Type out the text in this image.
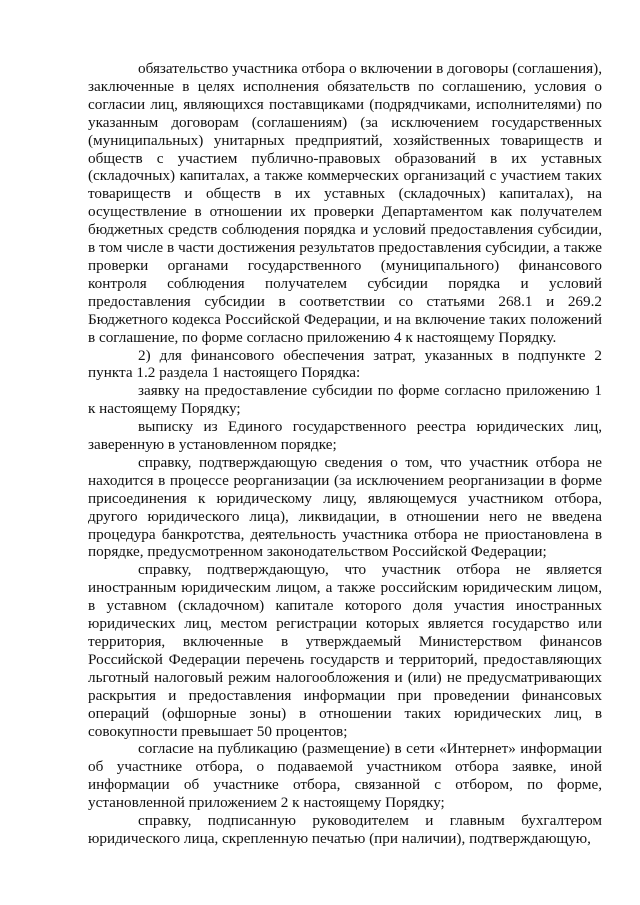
обязательство участника отбора о включении в договоры (соглашения), заключенные в целях исполнения обязательств по соглашению, условия о согласии лиц, являющихся поставщиками (подрядчиками, исполнителями) по указанным договорам (соглашениям) (за исключением государственных (муниципальных) унитарных предприятий, хозяйственных товариществ и обществ с участием публично-правовых образований в их уставных (складочных) капиталах, а также коммерческих организаций с участием таких товариществ и обществ в их уставных (складочных) капиталах), на осуществление в отношении их проверки Департаментом как получателем бюджетных средств соблюдения порядка и условий предоставления субсидии, в том числе в части достижения результатов предоставления субсидии, а также проверки органами государственного (муниципального) финансового контроля соблюдения получателем субсидии порядка и условий предоставления субсидии в соответствии со статьями 268.1 и 269.2 Бюджетного кодекса Российской Федерации, и на включение таких положений в соглашение, по форме согласно приложению 4 к настоящему Порядку.

2) для финансового обеспечения затрат, указанных в подпункте 2 пункта 1.2 раздела 1 настоящего Порядка:

заявку на предоставление субсидии по форме согласно приложению 1 к настоящему Порядку;

выписку из Единого государственного реестра юридических лиц, заверенную в установленном порядке;

справку, подтверждающую сведения о том, что участник отбора не находится в процессе реорганизации (за исключением реорганизации в форме присоединения к юридическому лицу, являющемуся участником отбора, другого юридического лица), ликвидации, в отношении него не введена процедура банкротства, деятельность участника отбора не приостановлена в порядке, предусмотренном законодательством Российской Федерации;

справку, подтверждающую, что участник отбора не является иностранным юридическим лицом, а также российским юридическим лицом, в уставном (складочном) капитале которого доля участия иностранных юридических лиц, местом регистрации которых является государство или территория, включенные в утверждаемый Министерством финансов Российской Федерации перечень государств и территорий, предоставляющих льготный налоговый режим налогообложения и (или) не предусматривающих раскрытия и предоставления информации при проведении финансовых операций (офшорные зоны) в отношении таких юридических лиц, в совокупности превышает 50 процентов;

согласие на публикацию (размещение) в сети «Интернет» информации об участнике отбора, о подаваемой участником отбора заявке, иной информации об участнике отбора, связанной с отбором, по форме, установленной приложением 2 к настоящему Порядку;

справку, подписанную руководителем и главным бухгалтером юридического лица, скрепленную печатью (при наличии), подтверждающую,
